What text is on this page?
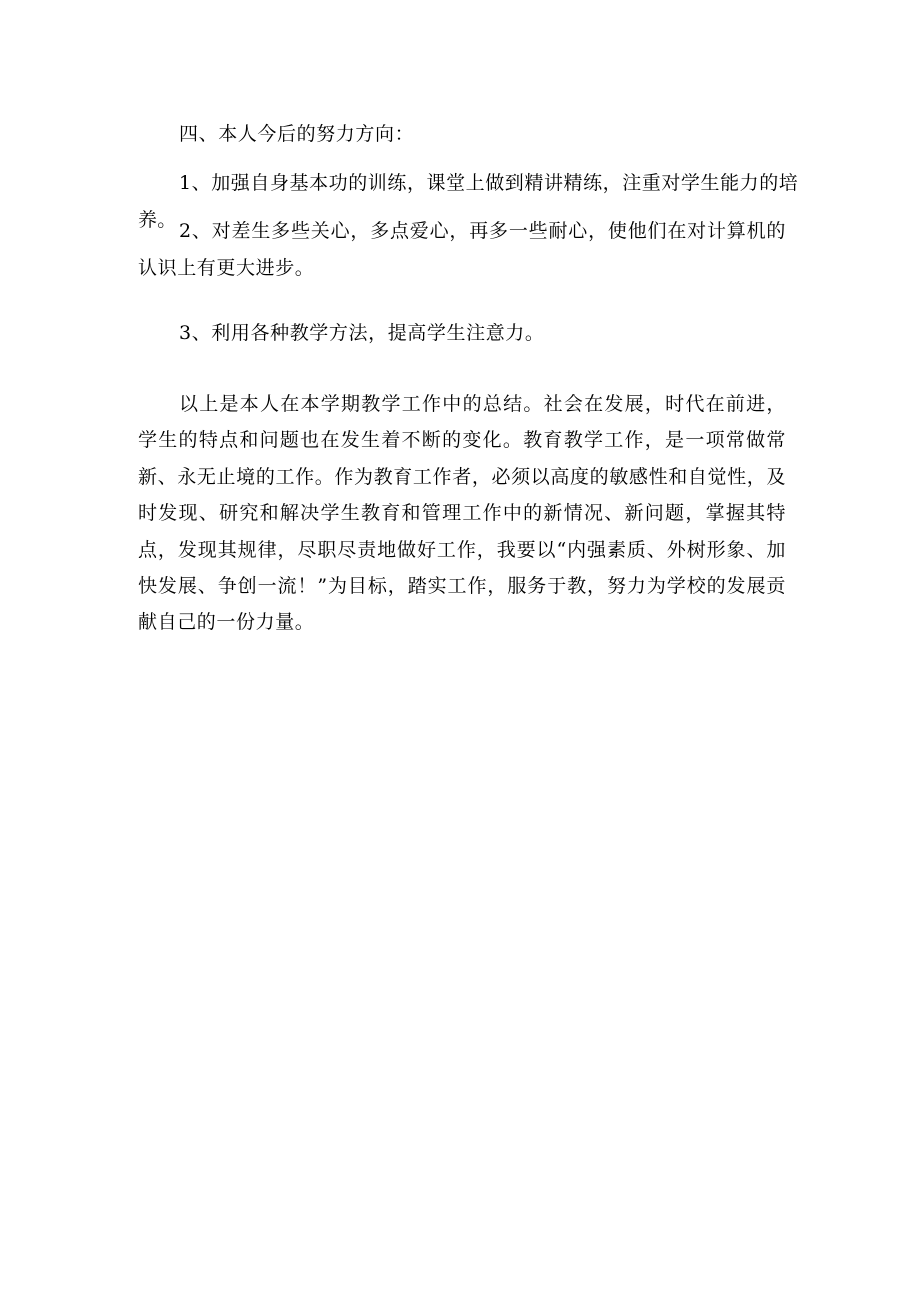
四、本人今后的努力方向：

1、加强自身基本功的训练，课堂上做到精讲精练，注重对学生能力的培养。 2、对差生多些关心，多点爱心，再多一些耐心，使他们在对计算机的认识上有更大进步。

3、利用各种教学方法，提高学生注意力。

以上是本人在本学期教学工作中的总结。社会在发展，时代在前进，学生的特点和问题也在发生着不断的变化。教育教学工作，是一项常做常新、永无止境的工作。作为教育工作者，必须以高度的敏感性和自觉性，及时发现、研究和解决学生教育和管理工作中的新情况、新问题，掌握其特点，发现其规律，尽职尽责地做好工作，我要以“内强素质、外树形象、加快发展、争创一流！”为目标，踏实工作，服务于教，努力为学校的发展贡献自己的一份力量。
